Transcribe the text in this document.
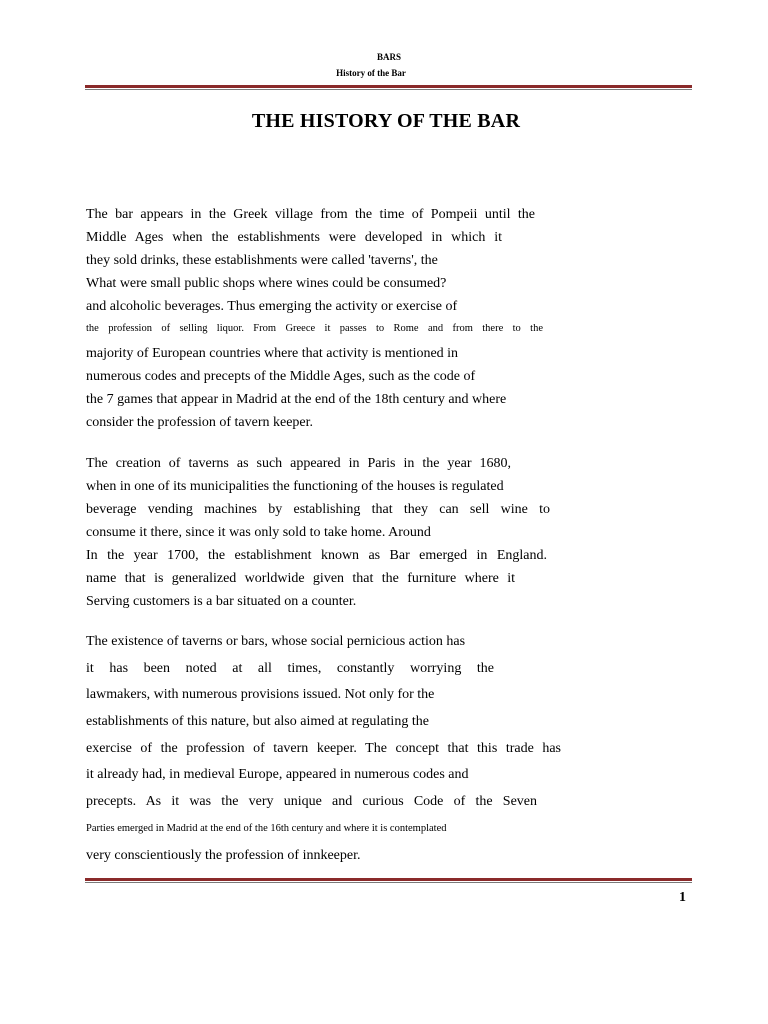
BARS
History of the Bar
THE HISTORY OF THE BAR
The bar appears in the Greek village from the time of Pompeii until the
Middle Ages when the establishments were developed in which it
they sold drinks, these establishments were called 'taverns', the
What were small public shops where wines could be consumed?
and alcoholic beverages. Thus emerging the activity or exercise of
the profession of selling liquor. From Greece it passes to Rome and from there to the
majority of European countries where that activity is mentioned in
numerous codes and precepts of the Middle Ages, such as the code of
the 7 games that appear in Madrid at the end of the 18th century and where
consider the profession of tavern keeper.
The creation of taverns as such appeared in Paris in the year 1680,
when in one of its municipalities the functioning of the houses is regulated
beverage vending machines by establishing that they can sell wine to
consume it there, since it was only sold to take home. Around
In the year 1700, the establishment known as Bar emerged in England.
name that is generalized worldwide given that the furniture where it
Serving customers is a bar situated on a counter.
The existence of taverns or bars, whose social pernicious action has
it has been noted at all times, constantly worrying the
lawmakers, with numerous provisions issued. Not only for the
establishments of this nature, but also aimed at regulating the
exercise of the profession of tavern keeper. The concept that this trade has
it already had, in medieval Europe, appeared in numerous codes and
precepts. As it was the very unique and curious Code of the Seven
Parties emerged in Madrid at the end of the 16th century and where it is contemplated
very conscientiously the profession of innkeeper.
1
